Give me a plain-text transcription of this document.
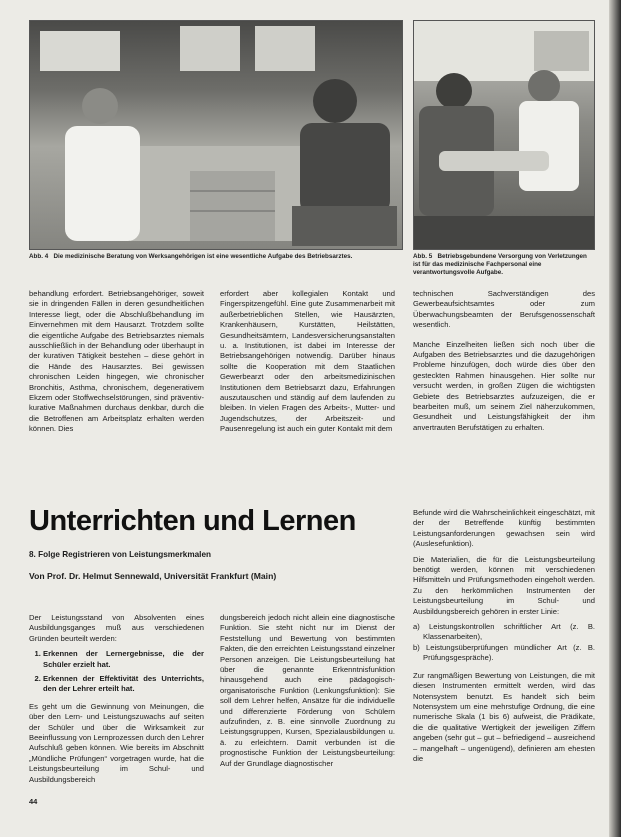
Abb. 4 Die medizinische Beratung von Werksangehörigen ist eine wesentliche Aufgabe des Betriebsarztes.	Abb. 5 Betriebsgebundene Versorgung von Verletzungen ist für das medizinische Fachpersonal eine verantwortungsvolle Aufgabe.

behandlung erfordert. Betriebsangehöriger, soweit sie in dringenden Fällen in deren gesundheitlichen Interesse liegt, oder die Abschlußbehandlung im Einvernehmen mit dem Hausarzt. Trotzdem sollte die eigentliche Aufgabe des Betriebsarztes niemals ausschließlich in der Behandlung oder überhaupt in der kurativen Tätigkeit bestehen – diese gehört in die Hände des Hausarztes. Bei gewissen chronischen Leiden hingegen, wie chronischer Bronchitis, Asthma, chronischem, degenerativem Ekzem oder Stoffwechselstörungen, sind präventiv-kurative Maßnahmen durchaus denkbar, durch die die Betroffenen am Arbeitsplatz erhalten werden können. Dies

erfordert aber kollegialen Kontakt und Fingerspitzengefühl. Eine gute Zusammenarbeit mit außerbetrieblichen Stellen, wie Hausärzten, Krankenhäusern, Kurstätten, Heilstätten, Gesundheitsämtern, Landesversicherungsanstalten u. a. Institutionen, ist dabei im Interesse der Betriebsangehörigen notwendig. Darüber hinaus sollte die Kooperation mit dem Staatlichen Gewerbearzt oder den arbeitsmedizinischen Institutionen dem Betriebsarzt dazu, Erfahrungen auszutauschen und ständig auf dem laufenden zu bleiben. In vielen Fragen des Arbeits-, Mutter- und Jugendschutzes, der Arbeitszeit- und Pausenregelung ist auch ein guter Kontakt mit dem

technischen Sachverständigen des Gewerbeaufsichtsamtes oder zum Überwachungsbeamten der Berufsgenossenschaft wesentlich.

Manche Einzelheiten ließen sich noch über die Aufgaben des Betriebsarztes und die dazugehörigen Probleme hinzufügen, doch würde dies über den gesteckten Rahmen hinausgehen. Hier sollte nur versucht werden, in großen Zügen die wichtigsten Gebiete des Betriebsarztes aufzuzeigen, die er bearbeiten muß, um seinem Ziel näherzukommen, Gesundheit und Leistungsfähigkeit der ihm anvertrauten Berufstätigen zu erhalten.

Unterrichten und Lernen
8. Folge Registrieren von Leistungsmerkmalen
Von Prof. Dr. Helmut Sennewald, Universität Frankfurt (Main)

Der Leistungsstand von Absolventen eines Ausbildungsganges muß aus verschiedenen Gründen beurteilt werden:

1. Erkennen der Lernergebnisse, die der Schüler erzielt hat.
2. Erkennen der Effektivität des Unterrichts, den der Lehrer erteilt hat.

Es geht um die Gewinnung von Meinungen, die über den Lern- und Leistungszuwachs auf seiten der Schüler und über die Wirksamkeit zur Beeinflussung von Lernprozessen durch den Lehrer Aufschluß geben können. Wie bereits im Abschnitt „Mündliche Prüfungen“ vorgetragen wurde, hat die Leistungsbeurteilung im Schul- und Ausbildungsbereich

dungsbereich jedoch nicht allein eine diagnostische Funktion. Sie steht nicht nur im Dienst der Feststellung und Bewertung von bestimmten Fakten, die den erreichten Leistungsstand einzelner Personen anzeigen. Die Leistungsbeurteilung hat über die genannte Erkenntnisfunktion hinausgehend auch eine pädagogisch-organisatorische Funktion (Lenkungsfunktion): Sie soll dem Lehrer helfen, Ansätze für die individuelle und differenzierte Förderung von Schülern aufzufinden, z. B. eine sinnvolle Zuordnung zu Leistungsgruppen, Kursen, Spezialausbildungen u. ä. zu erleichtern. Damit verbunden ist die prognostische Funktion der Leistungsbeurteilung: Auf der Grundlage diagnostischer

Befunde wird die Wahrscheinlichkeit eingeschätzt, mit der der Betreffende künftig bestimmten Leistungsanforderungen gewachsen sein wird (Auslesefunktion).

Die Materialien, die für die Leistungsbeurteilung benötigt werden, können mit verschiedenen Hilfsmitteln und Prüfungsmethoden eingeholt werden. Zu den herkömmlichen Instrumenten der Leistungsbeurteilung im Schul- und Ausbildungsbereich gehören in erster Linie:

a) Leistungskontrollen schriftlicher Art (z. B. Klassenarbeiten),
b) Leistungsüberprüfungen mündlicher Art (z. B. Prüfungsgespräche).

Zur rangmäßigen Bewertung von Leistungen, die mit diesen Instrumenten ermittelt werden, wird das Notensystem benutzt. Es handelt sich beim Notensystem um eine mehrstufige Ordnung, die eine numerische Skala (1 bis 6) aufweist, die Prädikate, die die qualitative Wertigkeit der jeweiligen Ziffern angeben (sehr gut – gut – befriedigend – ausreichend – mangelhaft – ungenügend), definieren am ehesten die

44
